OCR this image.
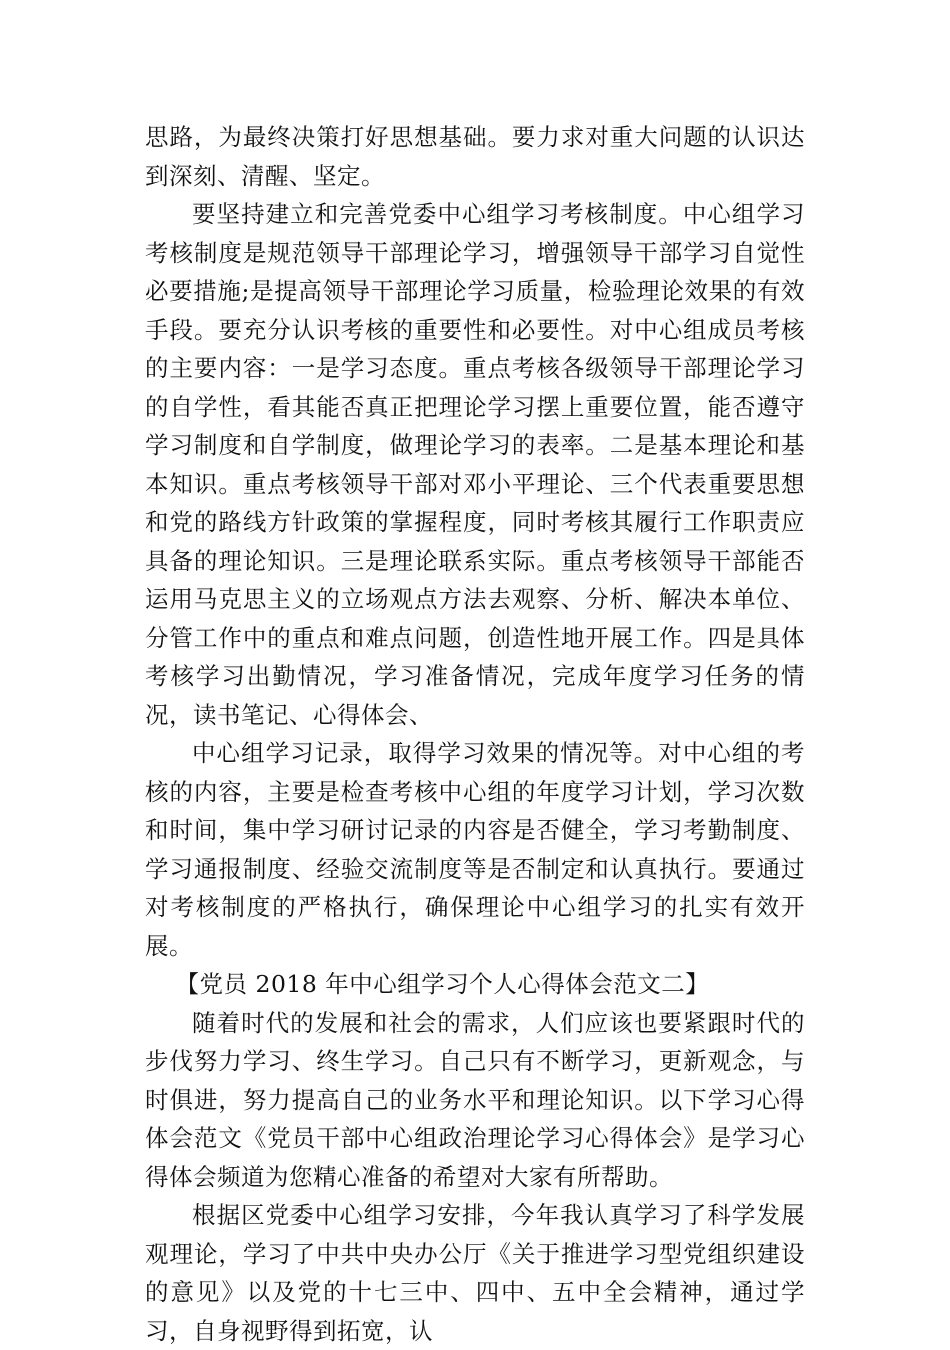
思路，为最终决策打好思想基础。要力求对重大问题的认识达到深刻、清醒、坚定。

要坚持建立和完善党委中心组学习考核制度。中心组学习考核制度是规范领导干部理论学习，增强领导干部学习自觉性必要措施;是提高领导干部理论学习质量，检验理论效果的有效手段。要充分认识考核的重要性和必要性。对中心组成员考核的主要内容：一是学习态度。重点考核各级领导干部理论学习的自学性，看其能否真正把理论学习摆上重要位置，能否遵守学习制度和自学制度，做理论学习的表率。二是基本理论和基本知识。重点考核领导干部对邓小平理论、三个代表重要思想和党的路线方针政策的掌握程度，同时考核其履行工作职责应具备的理论知识。三是理论联系实际。重点考核领导干部能否运用马克思主义的立场观点方法去观察、分析、解决本单位、分管工作中的重点和难点问题，创造性地开展工作。四是具体考核学习出勤情况，学习准备情况，完成年度学习任务的情况，读书笔记、心得体会、

中心组学习记录，取得学习效果的情况等。对中心组的考核的内容，主要是检查考核中心组的年度学习计划，学习次数和时间，集中学习研讨记录的内容是否健全，学习考勤制度、学习通报制度、经验交流制度等是否制定和认真执行。要通过对考核制度的严格执行，确保理论中心组学习的扎实有效开展。

【党员 2018 年中心组学习个人心得体会范文二】

随着时代的发展和社会的需求，人们应该也要紧跟时代的步伐努力学习、终生学习。自己只有不断学习，更新观念，与时俱进，努力提高自己的业务水平和理论知识。以下学习心得体会范文《党员干部中心组政治理论学习心得体会》是学习心得体会频道为您精心准备的希望对大家有所帮助。

根据区党委中心组学习安排，今年我认真学习了科学发展观理论，学习了中共中央办公厅《关于推进学习型党组织建设的意见》以及党的十七三中、四中、五中全会精神，通过学习，自身视野得到拓宽，认
